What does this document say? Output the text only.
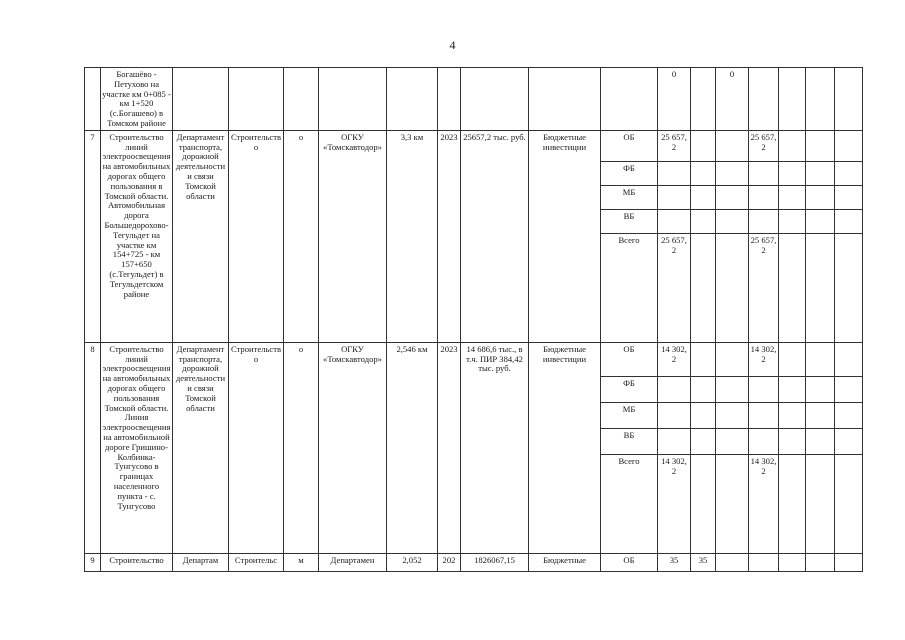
4
	Богашёво - Петухово на участке км 0+085 - км 1+520 (с.Богашево) в Томском районе										0		0				
7	Строительство линий электроосвещения на автомобильных дорогах общего пользования в Томской области. Автомобильная дорога Большедорохово-Тегульдет на участке км 154+725 - км 157+650 (с.Тегульдет) в Тегульдетском районе	Департамент транспорта, дорожной деятельности и связи Томской области	Строительство	о	ОГКУ «Томскавтодор»	3,3 км	2023	25657,2 тыс. руб.	Бюджетные инвестиции	ОБ	25 657, 2			25 657, 2			
										ФБ							
										МБ							
										ВБ							
										Всего	25 657, 2			25 657, 2			
8	Строительство линий электроосвещения на автомобильных дорогах общего пользования Томской области. Линия электроосвещения на автомобильной дороге Гришино-Колбинка-Тунгусово в границах населенного пункта - с. Тунгусово	Департамент транспорта, дорожной деятельности и связи Томской области	Строительство	о	ОГКУ «Томскавтодор»	2,546 км	2023	14 686,6 тыс., в т.ч. ПИР 384,42 тыс. руб.	Бюджетные инвестиции	ОБ	14 302, 2			14 302, 2			
										ФБ							
										МБ							
										ВБ							
										Всего	14 302, 2			14 302, 2			
9	Строительство	Департам	Строительс	м	Департамен	2,052	202	1826067,15	Бюджетные	ОБ	35	35					
